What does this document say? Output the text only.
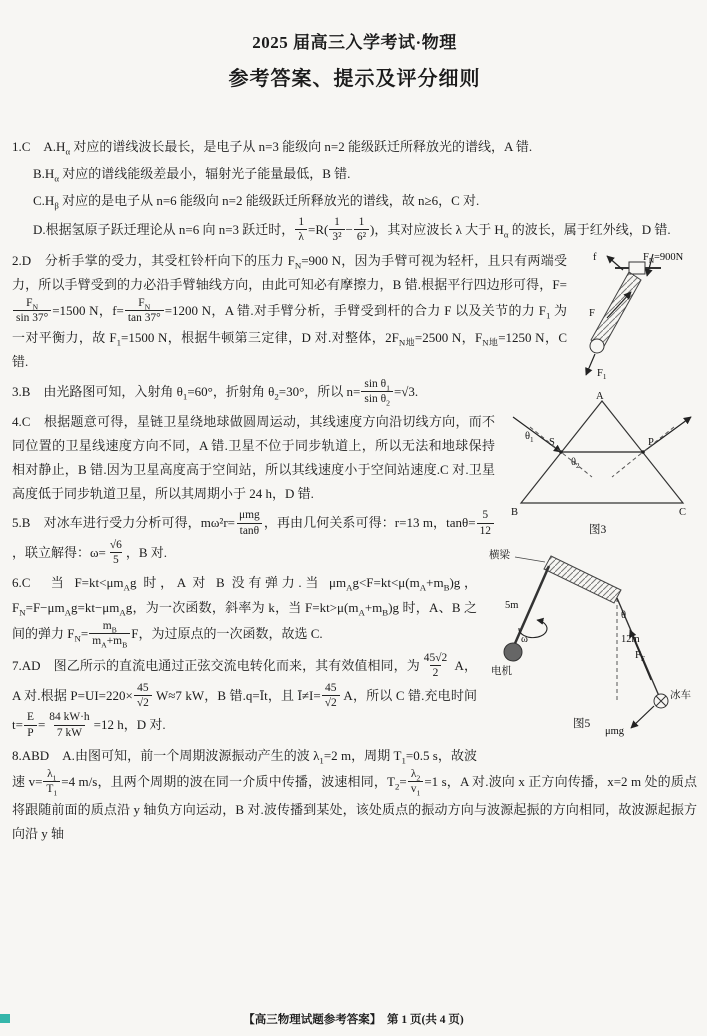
2025 届高三入学考试·物理
参考答案、提示及评分细则

1.C　$A.H_\alpha$ 对应的谱线波长最长，是电子从 n=3 能级向 n=2 能级跃迁所释放光的谱线，A 错.

$B.H_\alpha$ 对应的谱线能级差最小，辐射光子能量最低，B 错.

$C.H_\beta$ 对应的是电子从 n=6 能级向 n=2 能级跃迁所释放光的谱线，故 n≥6，C 对.

D.根据氢原子跃迁理论从 n=6 向 n=3 跃迁时， $\frac{1}{\lambda} =R( \frac{1}{\text{3²}} - \frac{1}{\text{6²}}$ )，其对应波长 λ 大于 $H_\alpha$ 的波长，属于红外线，D 错.

f	$F_N=900N$
F
$F_1$

2.D　分析手掌的受力，其受杠铃杆向下的压力 $F_N=900$ N，因为手臂可视为轻杆，且只有两端受力，所以手臂受到的力必沿手臂轴线方向，由此可知必有摩擦力，B 错.根据平行四边形可得，F=
$\frac{F_N}{\sin 37^\circ} =1500$ N，$f= \frac{F_N}{\tan 37^\circ} =1200$ N，A 错.对手臂分析，手臂受到杆的合力 F 以及关节的力 $F_1$ 为一对平衡力，故 $F_1=1500$ N，根据牛顿第三定律，D 对.对整体，$2F_{N地}=2500$ N，$F_{N地}=1250$ N，C 错.

A
B	C
S	P
$\theta_1$
$\theta_2$
图3

3.B　由光路图可知，入射角 $\theta_1=60^\circ$，折射角 $\theta_2=30^\circ$，所以 $n= \frac{\sin \theta_1}{\sin \theta_2} =√3$.

4.C　根据题意可得，星链卫星绕地球做圆周运动，其线速度方向沿切线方向，而不同位置的卫星线速度方向不同，A 错.卫星不位于同步轨道上，所以无法和地球保持相对静止，B 错.因为卫星高度高于空间站，所以其线速度小于空间站速度.C 对.卫星高度低于同步轨道卫星，所以其周期小于 24 h，D 错.

横梁
5m
ω
电机
12m
$F_F$
θ
冰车
μmg
图5

5.B　对冰车进行受力分析可得，$m\omega^2r= \frac{\text{μmg}}{\tan\theta}$ ，再由几何关系可得：r=13 m，$\tan\theta= \frac{5}{12}$
，联立解得：$\omega= \frac{√6}{5}$ ，B 对.

6.C　当 $F=kt<\mu m_Ag$ 时，A 对 B 没有弹力.当 $\mu m_Ag<F=kt<\mu(m_A+m_B)g$，$F_N=F-\mu m_Ag=kt-\mu m_Ag$，为一次函数，斜率为 k，当 $F=kt>\mu(m_A+m_B)g$ 时，A、B 之间的弹力 $F_N= \frac{m_B}{m_A+m_B}$ F，为过原点的一次函数，故选 C.

7.AD　图乙所示的直流电通过正弦交流电转化而来，其有效值相同，为 $\frac{45√2}{2}$ A，A 对.根据 $P=UI=220\times \frac{45}{√2} W\approx 7$ kW，B 错.q=Īt，且 Ī≠I= $\frac{45}{√2}$ A，所以 C 错.充电时间 $t= \frac{E}{P} = \frac{84 kW\cdot h}{7 kW} =12$ h，D 对.

8.ABD　A.由图可知，前一个周期波源振动产生的波 $\lambda_1=2$ m，周期 $T_1=0.5$ s，故波速 $v= \frac{\lambda_1}{T_1} =4$ m/s，且两个周期的波在同一介质中传播，波速相同，$T_2= \frac{\lambda_2}{v_1} =1$ s，A 对.波向 x 正方向传播，x=2 m 处的质点将跟随前面的质点沿 y 轴负方向运动，B 对.波传播到某处，该处质点的振动方向与波源起振的方向相同，故波源起振方向沿 y 轴

【高三物理试题参考答案】　第 1 页(共 4 页)
